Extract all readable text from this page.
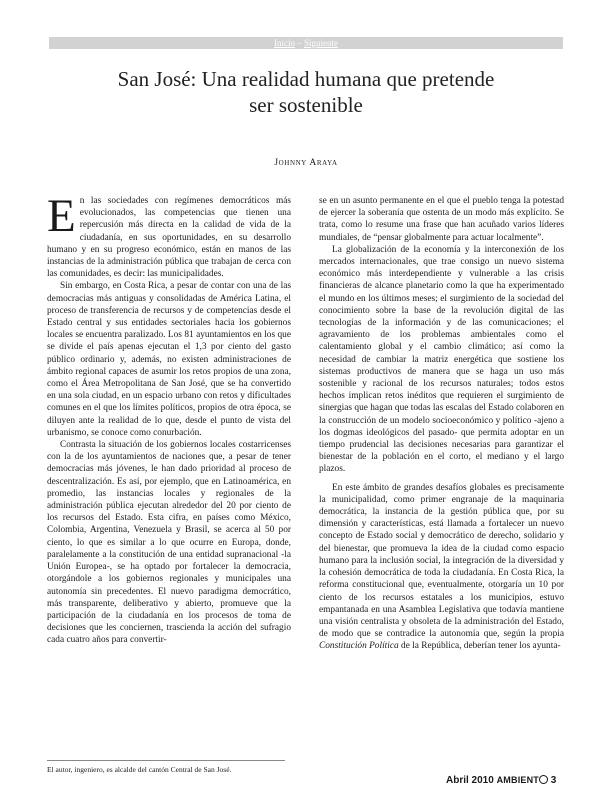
Inicio – Siguiente
San José: Una realidad humana que pretende
ser sostenible
Johnny Araya

En las sociedades con regímenes democráticos más evolucionados, las competencias que tienen una repercusión más directa en la calidad de vida de la ciudadanía, en sus oportunidades, en su desarrollo humano y en su progreso económico, están en manos de las instancias de la administración pública que trabajan de cerca con las comunidades, es decir: las municipalidades.

Sin embargo, en Costa Rica, a pesar de contar con una de las democracias más antiguas y consolidadas de América Latina, el proceso de transferencia de recursos y de competencias desde el Estado central y sus entidades sectoriales hacia los gobiernos locales se encuentra paralizado. Los 81 ayuntamientos en los que se divide el país apenas ejecutan el 1,3 por ciento del gasto público ordinario y, además, no existen administraciones de ámbito regional capaces de asumir los retos propios de una zona, como el Área Metropolitana de San José, que se ha convertido en una sola ciudad, en un espacio urbano con retos y dificultades comunes en el que los límites políticos, propios de otra época, se diluyen ante la realidad de lo que, desde el punto de vista del urbanismo, se conoce como conurbación.

Contrasta la situación de los gobiernos locales costarricenses con la de los ayuntamientos de naciones que, a pesar de tener democracias más jóvenes, le han dado prioridad al proceso de descentralización. Es así, por ejemplo, que en Latinoamérica, en promedio, las instancias locales y regionales de la administración pública ejecutan alrededor del 20 por ciento de los recursos del Estado. Esta cifra, en países como México, Colombia, Argentina, Venezuela y Brasil, se acerca al 50 por ciento, lo que es similar a lo que ocurre en Europa, donde, paralelamente a la constitución de una entidad supranacional -la Unión Europea-, se ha optado por fortalecer la democracia, otorgándole a los gobiernos regionales y municipales una autonomía sin precedentes. El nuevo paradigma democrático, más transparente, deliberativo y abierto, promueve que la participación de la ciudadanía en los procesos de toma de decisiones que les conciernen, trascienda la acción del sufragio cada cuatro años para convertir-

se en un asunto permanente en el que el pueblo tenga la potestad de ejercer la soberanía que ostenta de un modo más explícito. Se trata, como lo resume una frase que han acuñado varios líderes mundiales, de “pensar globalmente para actuar localmente”.

La globalización de la economía y la interconexión de los mercados internacionales, que trae consigo un nuevo sistema económico más interdependiente y vulnerable a las crisis financieras de alcance planetario como la que ha experimentado el mundo en los últimos meses; el surgimiento de la sociedad del conocimiento sobre la base de la revolución digital de las tecnologías de la información y de las comunicaciones; el agravamiento de los problemas ambientales como el calentamiento global y el cambio climático; así como la necesidad de cambiar la matriz energética que sostiene los sistemas productivos de manera que se haga un uso más sostenible y racional de los recursos naturales; todos estos hechos implican retos inéditos que requieren el surgimiento de sinergias que hagan que todas las escalas del Estado colaboren en la construcción de un modelo socioeconómico y político -ajeno a los dogmas ideológicos del pasado- que permita adoptar en un tiempo prudencial las decisiones necesarias para garantizar el bienestar de la población en el corto, el mediano y el largo plazos.

En este ámbito de grandes desafíos globales es precisamente la municipalidad, como primer engranaje de la maquinaria democrática, la instancia de la gestión pública que, por su dimensión y características, está llamada a fortalecer un nuevo concepto de Estado social y democrático de derecho, solidario y del bienestar, que promueva la idea de la ciudad como espacio humano para la inclusión social, la integración de la diversidad y la cohesión democrática de toda la ciudadanía. En Costa Rica, la reforma constitucional que, eventualmente, otorgaría un 10 por ciento de los recursos estatales a los municipios, estuvo empantanada en una Asamblea Legislativa que todavía mantiene una visión centralista y obsoleta de la administración del Estado, de modo que se contradice la autonomía que, según la propia Constitución Política de la República, deberían tener los ayunta-

El autor, ingeniero, es alcalde del cantón Central de San José.
Abril 2010 AMBIENT 3
